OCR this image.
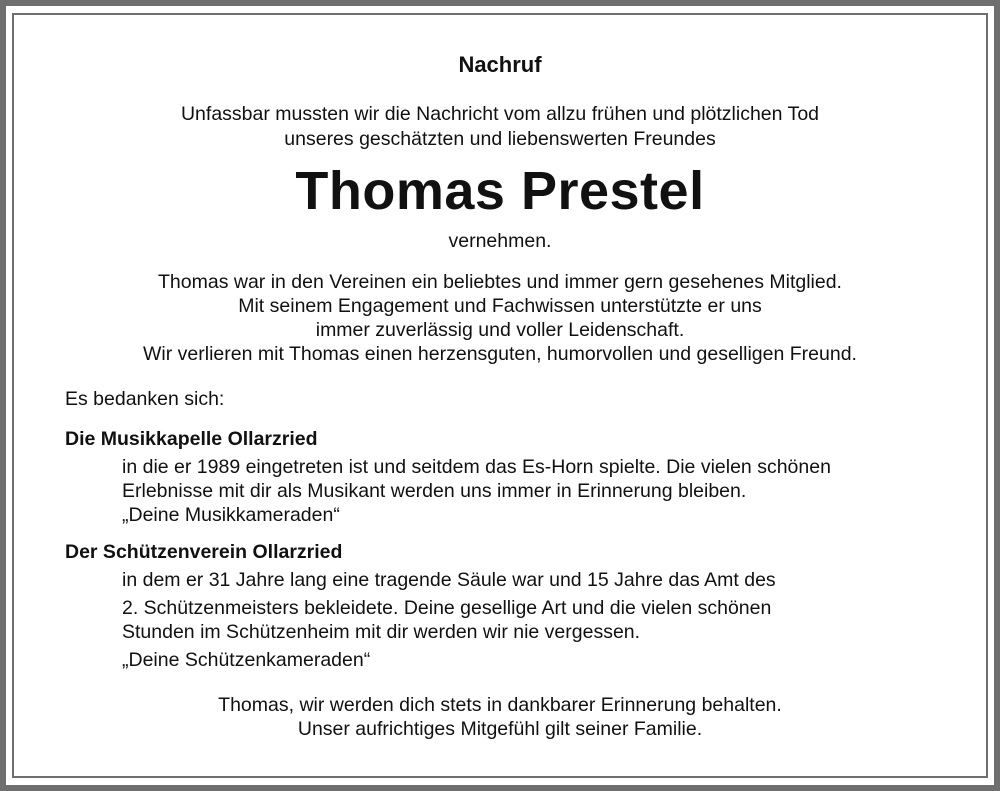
Nachruf
Unfassbar mussten wir die Nachricht vom allzu frühen und plötzlichen Tod
unseres geschätzten und liebenswerten Freundes
Thomas Prestel
vernehmen.
Thomas war in den Vereinen ein beliebtes und immer gern gesehenes Mitglied.
Mit seinem Engagement und Fachwissen unterstützte er uns
immer zuverlässig und voller Leidenschaft.
Wir verlieren mit Thomas einen herzensguten, humorvollen und geselligen Freund.
Es bedanken sich:
Die Musikkapelle Ollarzried
in die er 1989 eingetreten ist und seitdem das Es-Horn spielte. Die vielen schönen
Erlebnisse mit dir als Musikant werden uns immer in Erinnerung bleiben.
„Deine Musikkameraden“
Der Schützenverein Ollarzried
in dem er 31 Jahre lang eine tragende Säule war und 15 Jahre das Amt des
2. Schützenmeisters bekleidete. Deine gesellige Art und die vielen schönen
Stunden im Schützenheim mit dir werden wir nie vergessen.
„Deine Schützenkameraden“
Thomas, wir werden dich stets in dankbarer Erinnerung behalten.
Unser aufrichtiges Mitgefühl gilt seiner Familie.
